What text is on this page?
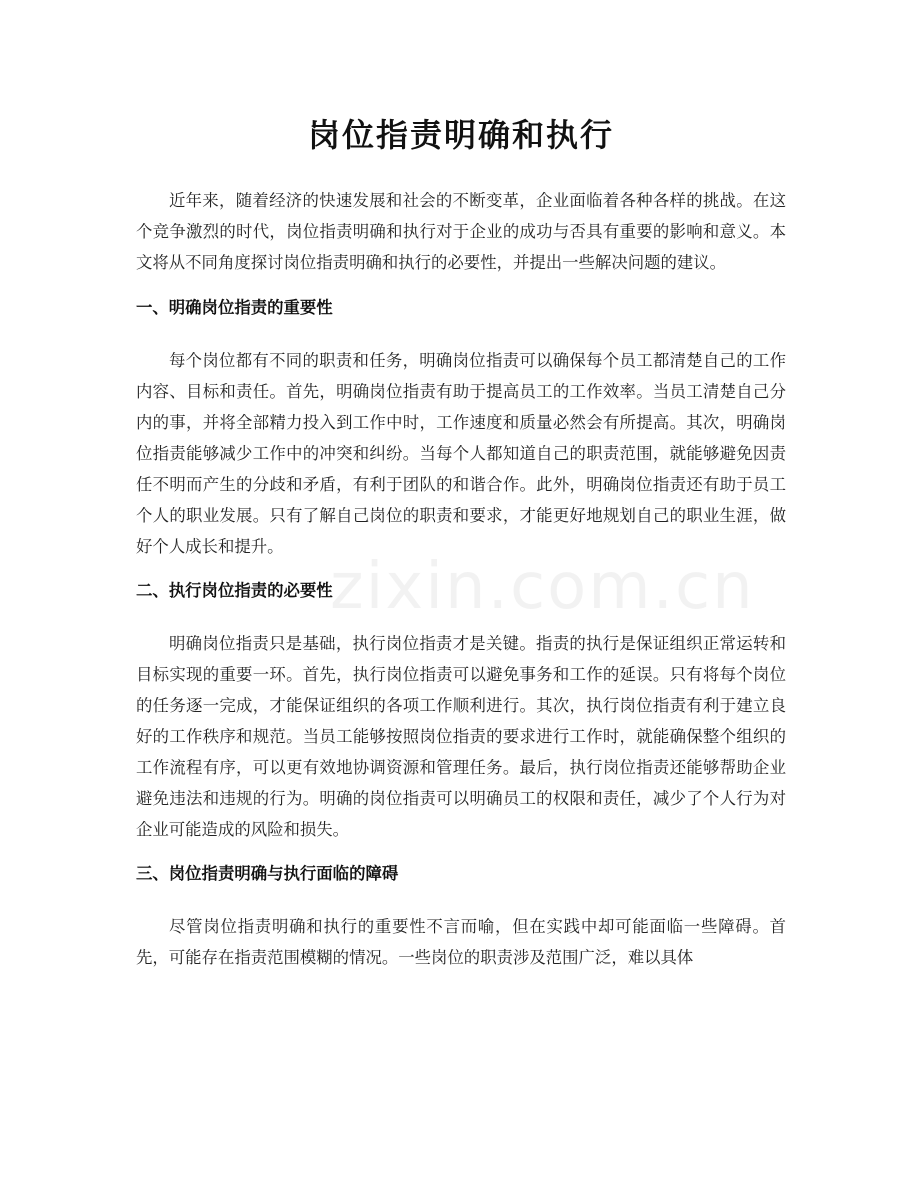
岗位指责明确和执行

近年来，随着经济的快速发展和社会的不断变革，企业面临着各种各样的挑战。在这个竞争激烈的时代，岗位指责明确和执行对于企业的成功与否具有重要的影响和意义。本文将从不同角度探讨岗位指责明确和执行的必要性，并提出一些解决问题的建议。

一、明确岗位指责的重要性

每个岗位都有不同的职责和任务，明确岗位指责可以确保每个员工都清楚自己的工作内容、目标和责任。首先，明确岗位指责有助于提高员工的工作效率。当员工清楚自己分内的事，并将全部精力投入到工作中时，工作速度和质量必然会有所提高。其次，明确岗位指责能够减少工作中的冲突和纠纷。当每个人都知道自己的职责范围，就能够避免因责任不明而产生的分歧和矛盾，有利于团队的和谐合作。此外，明确岗位指责还有助于员工个人的职业发展。只有了解自己岗位的职责和要求，才能更好地规划自己的职业生涯，做好个人成长和提升。

二、执行岗位指责的必要性

明确岗位指责只是基础，执行岗位指责才是关键。指责的执行是保证组织正常运转和目标实现的重要一环。首先，执行岗位指责可以避免事务和工作的延误。只有将每个岗位的任务逐一完成，才能保证组织的各项工作顺利进行。其次，执行岗位指责有利于建立良好的工作秩序和规范。当员工能够按照岗位指责的要求进行工作时，就能确保整个组织的工作流程有序，可以更有效地协调资源和管理任务。最后，执行岗位指责还能够帮助企业避免违法和违规的行为。明确的岗位指责可以明确员工的权限和责任，减少了个人行为对企业可能造成的风险和损失。

三、岗位指责明确与执行面临的障碍

尽管岗位指责明确和执行的重要性不言而喻，但在实践中却可能面临一些障碍。首先，可能存在指责范围模糊的情况。一些岗位的职责涉及范围广泛，难以具体

zixin.com.cn
